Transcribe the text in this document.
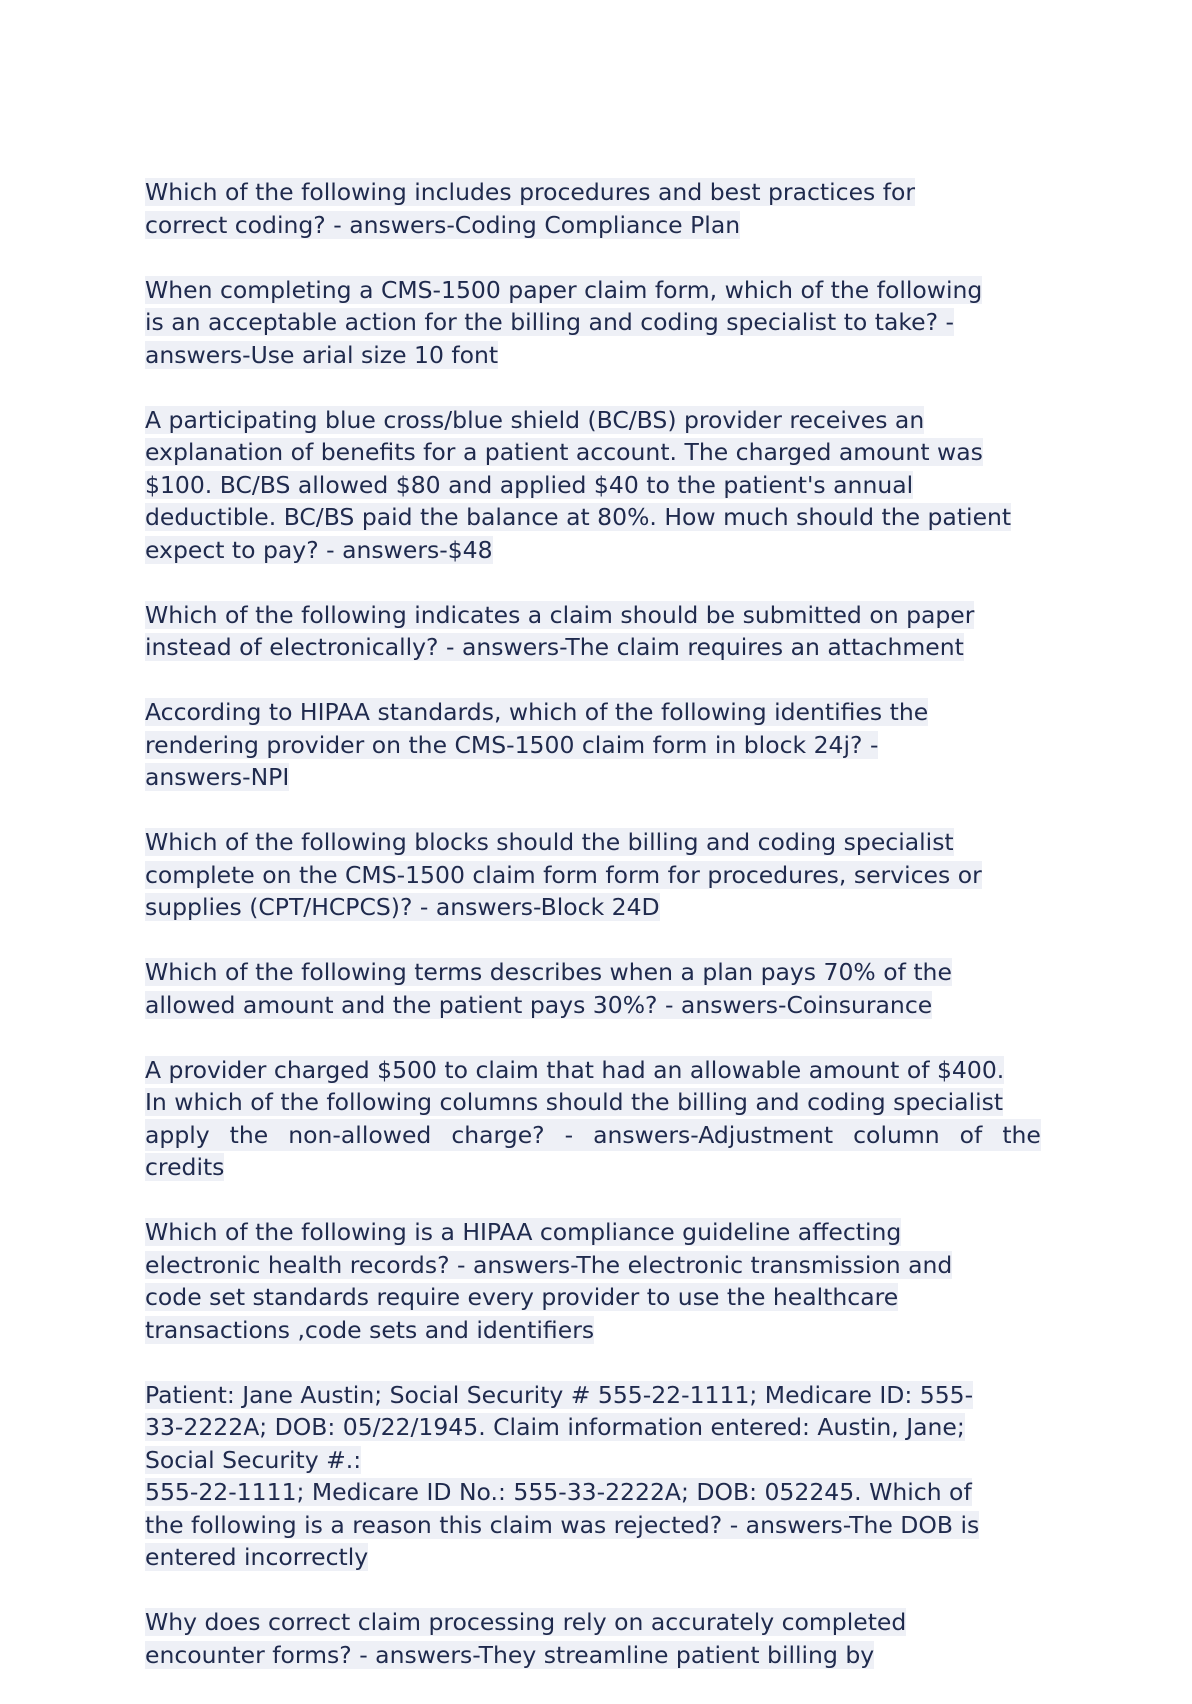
Which of the following includes procedures and best practices for
correct coding? - answers-Coding Compliance Plan
When completing a CMS-1500 paper claim form, which of the following
is an acceptable action for the billing and coding specialist to take? -
answers-Use arial size 10 font
A participating blue cross/blue shield (BC/BS) provider receives an
explanation of benefits for a patient account. The charged amount was
$100. BC/BS allowed $80 and applied $40 to the patient's annual
deductible. BC/BS paid the balance at 80%. How much should the patient
expect to pay? - answers-$48
Which of the following indicates a claim should be submitted on paper
instead of electronically? - answers-The claim requires an attachment
According to HIPAA standards, which of the following identifies the
rendering provider on the CMS-1500 claim form in block 24j? -
answers-NPI
Which of the following blocks should the billing and coding specialist
complete on the CMS-1500 claim form form for procedures, services or
supplies (CPT/HCPCS)? - answers-Block 24D
Which of the following terms describes when a plan pays 70% of the
allowed amount and the patient pays 30%? - answers-Coinsurance
A provider charged $500 to claim that had an allowable amount of $400.
In which of the following columns should the billing and coding specialist
apply the non-allowed charge? - answers-Adjustment column of the
credits
Which of the following is a HIPAA compliance guideline affecting
electronic health records? - answers-The electronic transmission and
code set standards require every provider to use the healthcare
transactions ,code sets and identifiers
Patient: Jane Austin; Social Security # 555-22-1111; Medicare ID: 555-
33-2222A; DOB: 05/22/1945. Claim information entered: Austin, Jane;
Social Security #.:
555-22-1111; Medicare ID No.: 555-33-2222A; DOB: 052245. Which of
the following is a reason this claim was rejected? - answers-The DOB is
entered incorrectly
Why does correct claim processing rely on accurately completed
encounter forms? - answers-They streamline patient billing by
